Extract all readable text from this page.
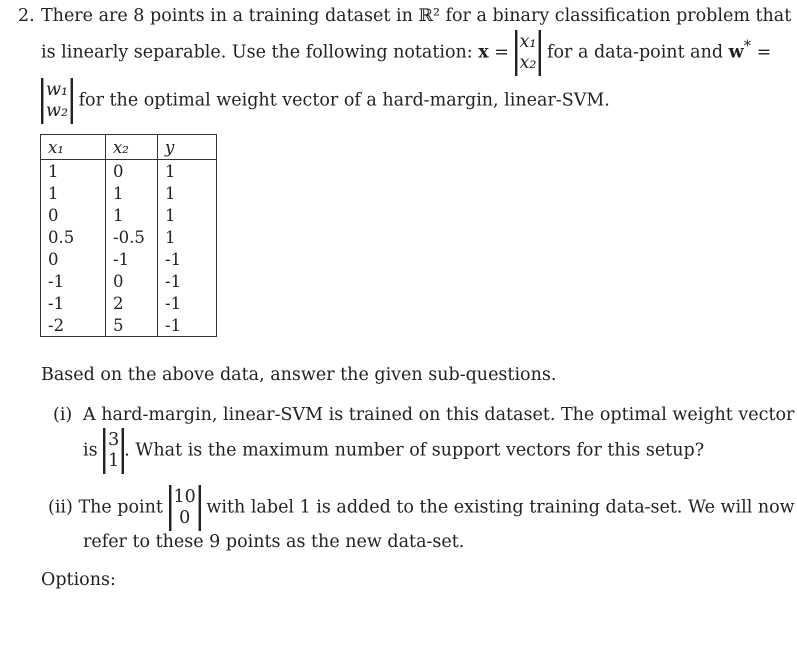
2. There are 8 points in a training dataset in ℝ² for a binary classification problem that
is linearly separable. Use the following notation: x =
x₁
x₂
for a data-point and w* =
w₁
w₂
for the optimal weight vector of a hard-margin, linear-SVM.
x₁	x₂	y
1	0	1
1	1	1
0	1	1
0.5	-0.5	1
0	-1	-1
-1	0	-1
-1	2	-1
-2	5	-1
Based on the above data, answer the given sub-questions.
(i) A hard-margin, linear-SVM is trained on this dataset. The optimal weight vector
is
3
1
. What is the maximum number of support vectors for this setup?
(ii) The point
10
0
with label 1 is added to the existing training data-set. We will now
refer to these 9 points as the new data-set.
Options:
